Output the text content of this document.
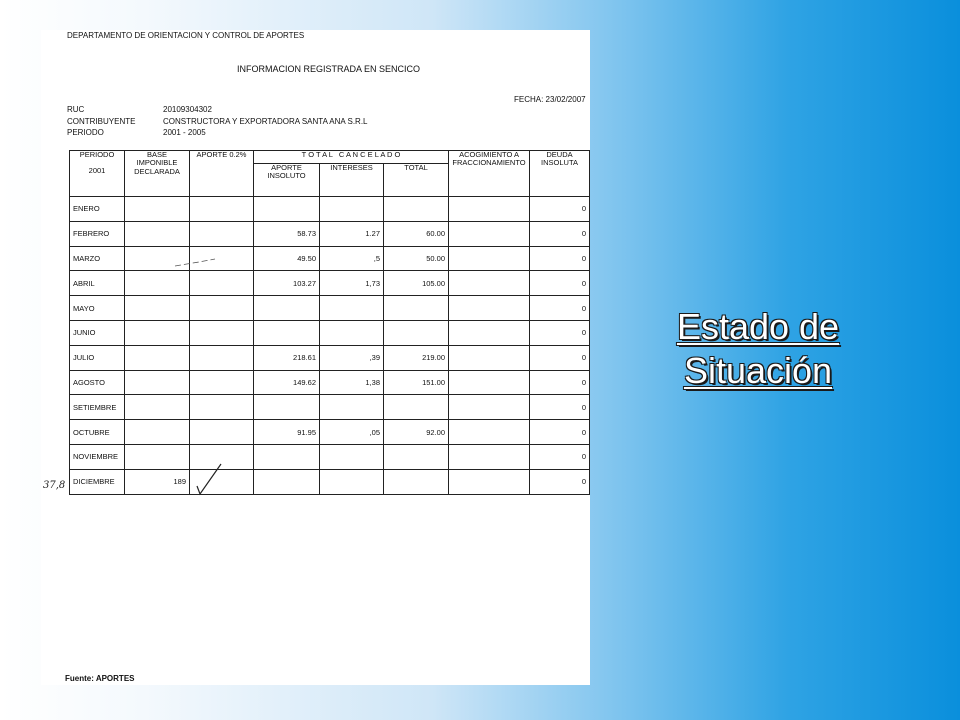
DEPARTAMENTO DE ORIENTACION Y CONTROL DE APORTES
INFORMACION REGISTRADA EN SENCICO
FECHA: 23/02/2007
RUC	20109304302
CONTRIBUYENTE	CONSTRUCTORA Y EXPORTADORA SANTA ANA S.R.L
PERIODO	2001 - 2005
PERIODO
2001	BASE IMPONIBLE DECLARADA	APORTE 0.2%	T O T A L   C A N C E L A D O			ACOGIMIENTO A FRACCIONAMIENTO	DEUDA INSOLUTA
			APORTE INSOLUTO	INTERESES	TOTAL		
ENERO							0
FEBRERO			58.73	1.27	60.00		0
MARZO			49.50	,5	50.00		0
ABRIL			103.27	1,73	105.00		0
MAYO							0
JUNIO							0
JULIO			218.61	,39	219.00		0
AGOSTO			149.62	1,38	151.00		0
SETIEMBRE							0
OCTUBRE			91.95	,05	92.00		0
NOVIEMBRE							0
DICIEMBRE	189						0
37,8
Fuente: APORTES
Estado de
Situación
